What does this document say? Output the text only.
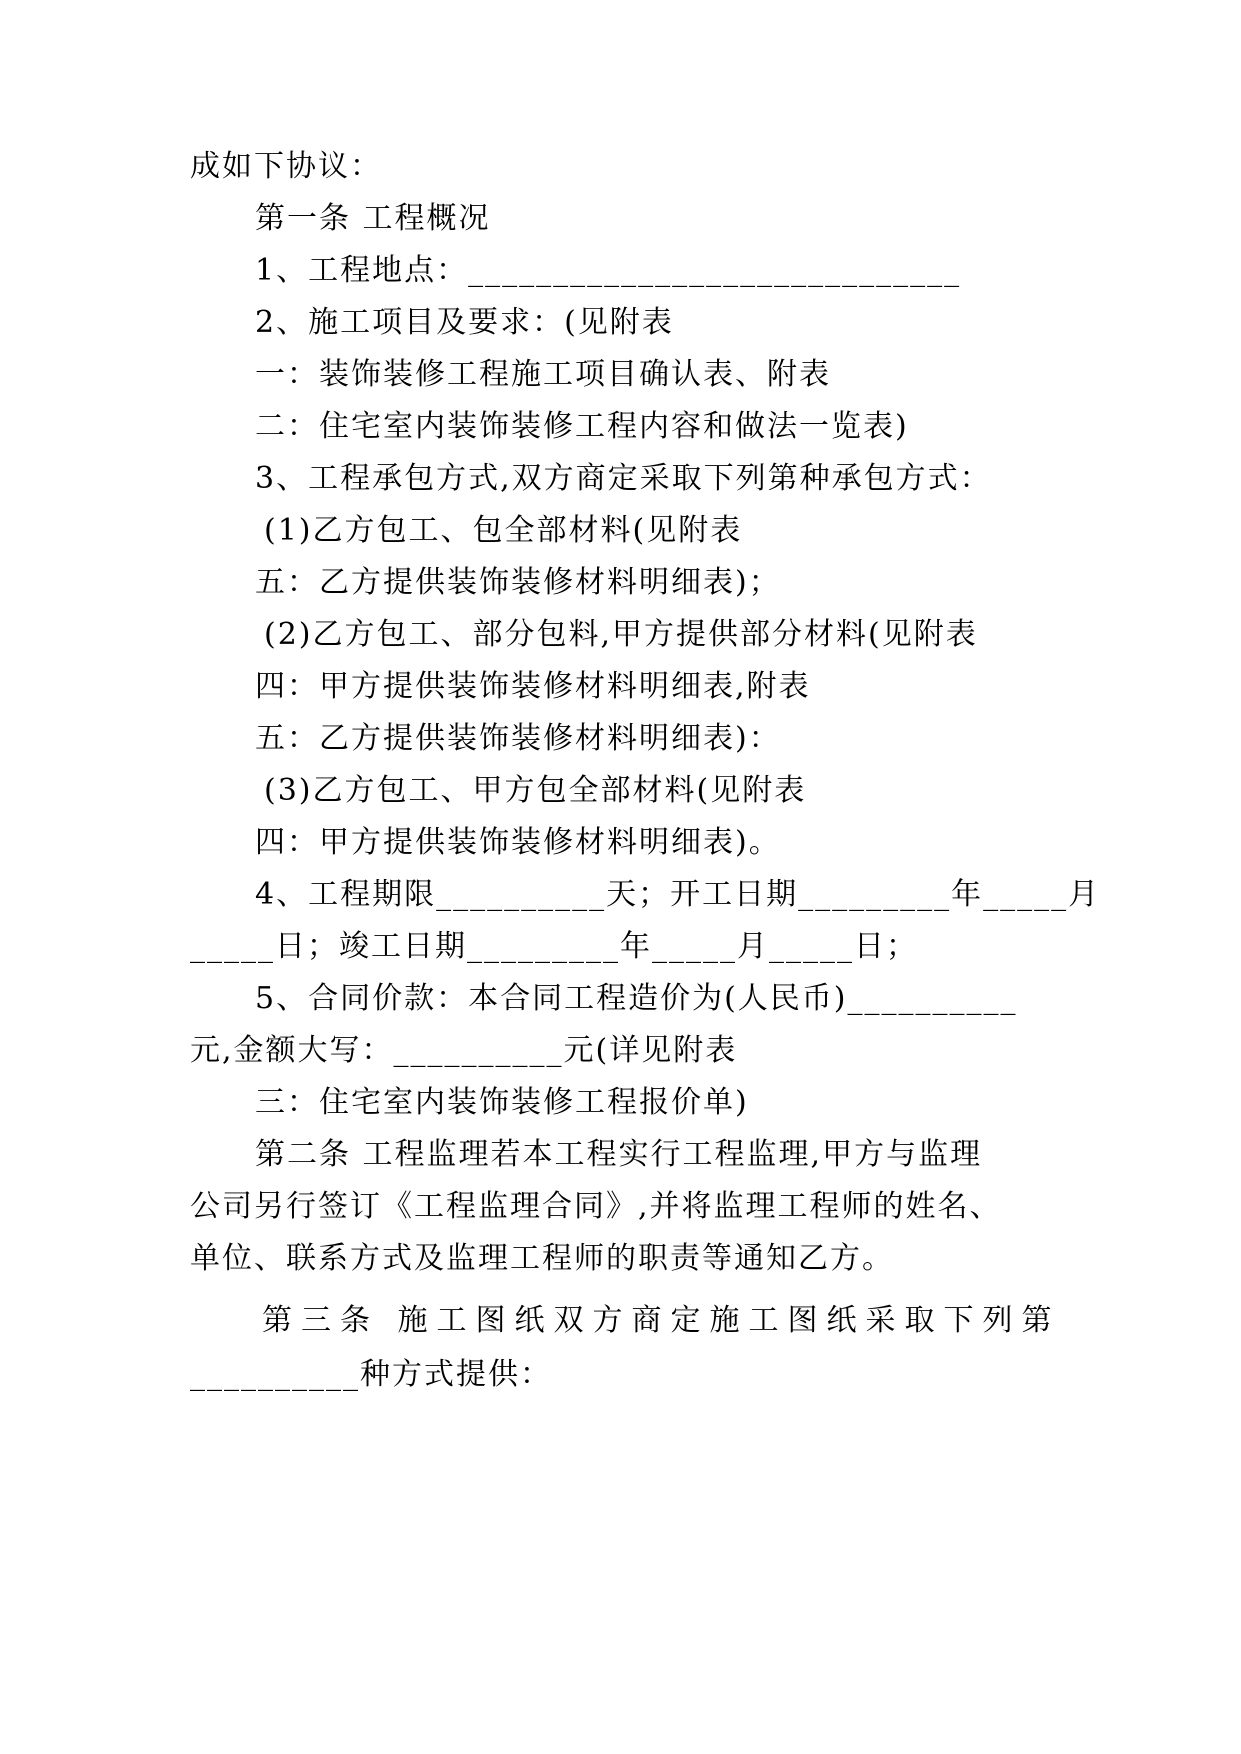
成如下协议：
第一条 工程概况
1、工程地点：_____________________________
2、施工项目及要求：(见附表
一：装饰装修工程施工项目确认表、附表
二：住宅室内装饰装修工程内容和做法一览表)
3、工程承包方式,双方商定采取下列第种承包方式：
(1)乙方包工、包全部材料(见附表
五：乙方提供装饰装修材料明细表)；
(2)乙方包工、部分包料,甲方提供部分材料(见附表
四：甲方提供装饰装修材料明细表,附表
五：乙方提供装饰装修材料明细表)：
(3)乙方包工、甲方包全部材料(见附表
四：甲方提供装饰装修材料明细表)。
4、工程期限__________天；开工日期_________年_____月
_____日；竣工日期_________年_____月_____日；
5、合同价款：本合同工程造价为(人民币)__________
元,金额大写：__________元(详见附表
三：住宅室内装饰装修工程报价单)
第二条 工程监理若本工程实行工程监理,甲方与监理
公司另行签订《工程监理合同》,并将监理工程师的姓名、
单位、联系方式及监理工程师的职责等通知乙方。
第三条 施工图纸双方商定施工图纸采取下列第
__________种方式提供：
